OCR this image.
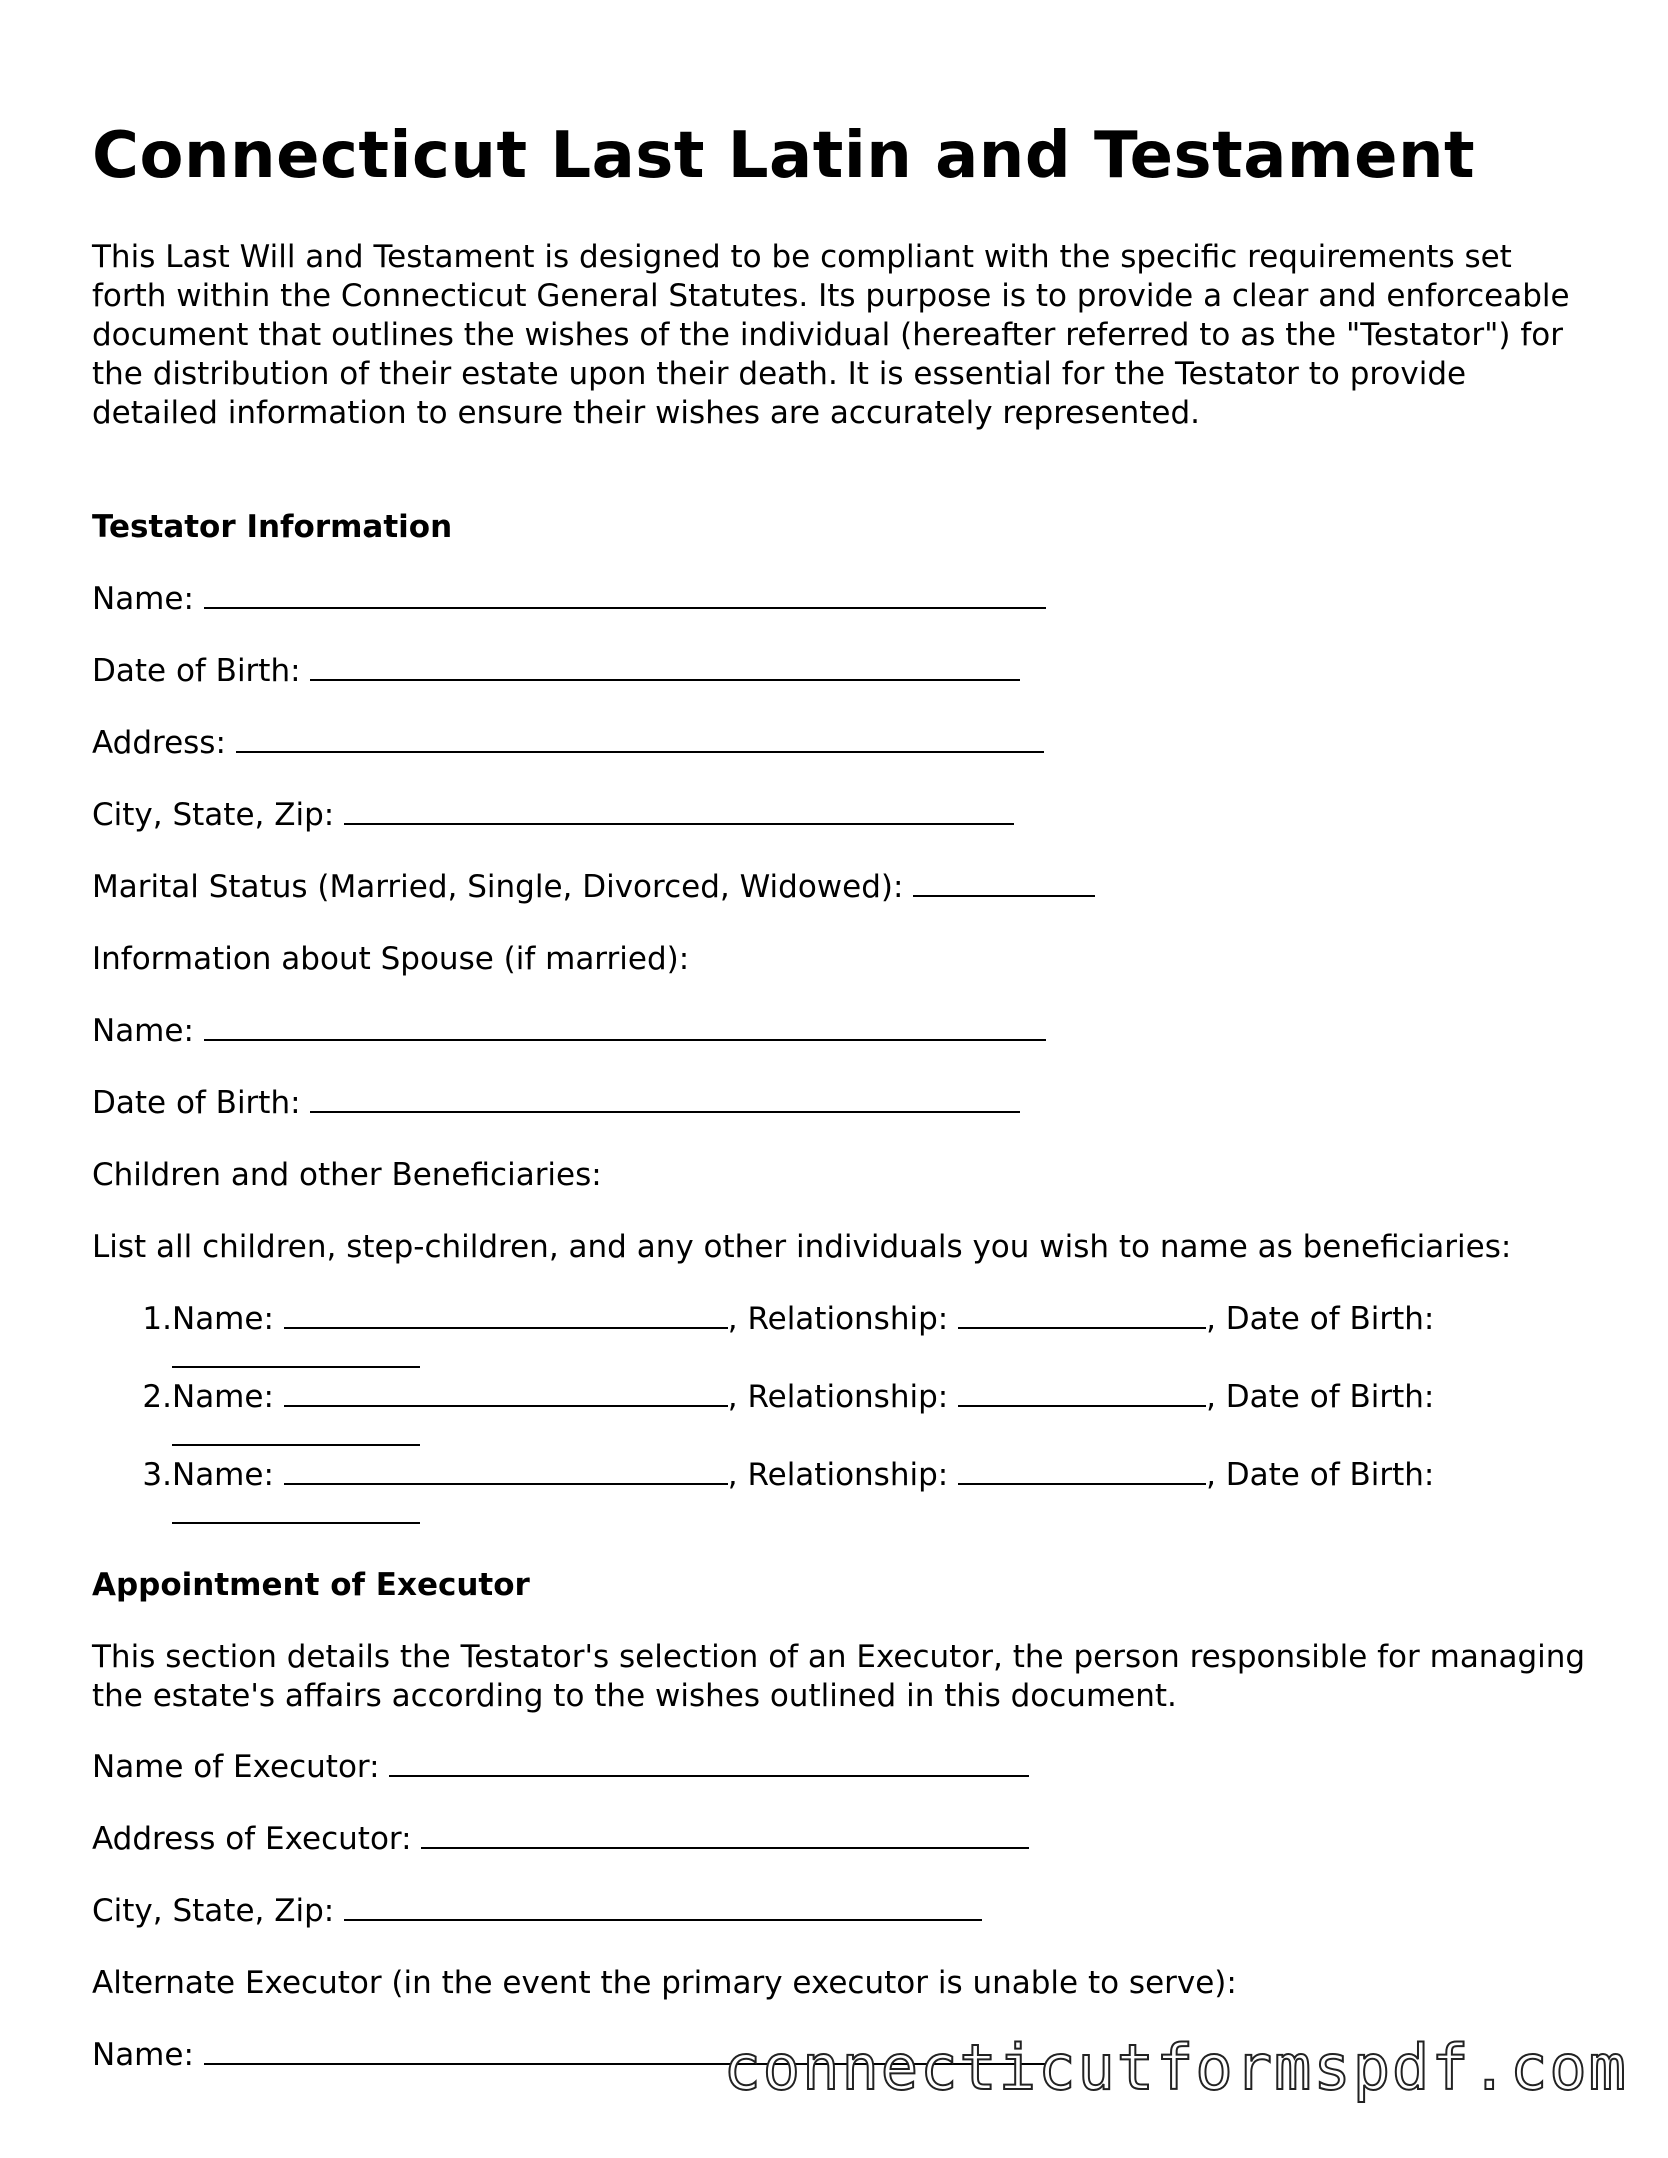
Connecticut Last Latin and Testament

This Last Will and Testament is designed to be compliant with the specific requirements set forth within the Connecticut General Statutes. Its purpose is to provide a clear and enforceable document that outlines the wishes of the individual (hereafter referred to as the "Testator") for the distribution of their estate upon their death. It is essential for the Testator to provide detailed information to ensure their wishes are accurately represented.

Testator Information
Name:
Date of Birth:
Address:
City, State, Zip:
Marital Status (Married, Single, Divorced, Widowed):
Information about Spouse (if married):
Name:
Date of Birth:
Children and other Beneficiaries:
List all children, step-children, and any other individuals you wish to name as beneficiaries:
1. Name:	, Relationship:	, Date of Birth:
2. Name:	, Relationship:	, Date of Birth:
3. Name:	, Relationship:	, Date of Birth:
Appointment of Executor

This section details the Testator's selection of an Executor, the person responsible for managing the estate's affairs according to the wishes outlined in this document.

Name of Executor:
Address of Executor:
City, State, Zip:
Alternate Executor (in the event the primary executor is unable to serve):
Name:	connecticutformspdf.com
